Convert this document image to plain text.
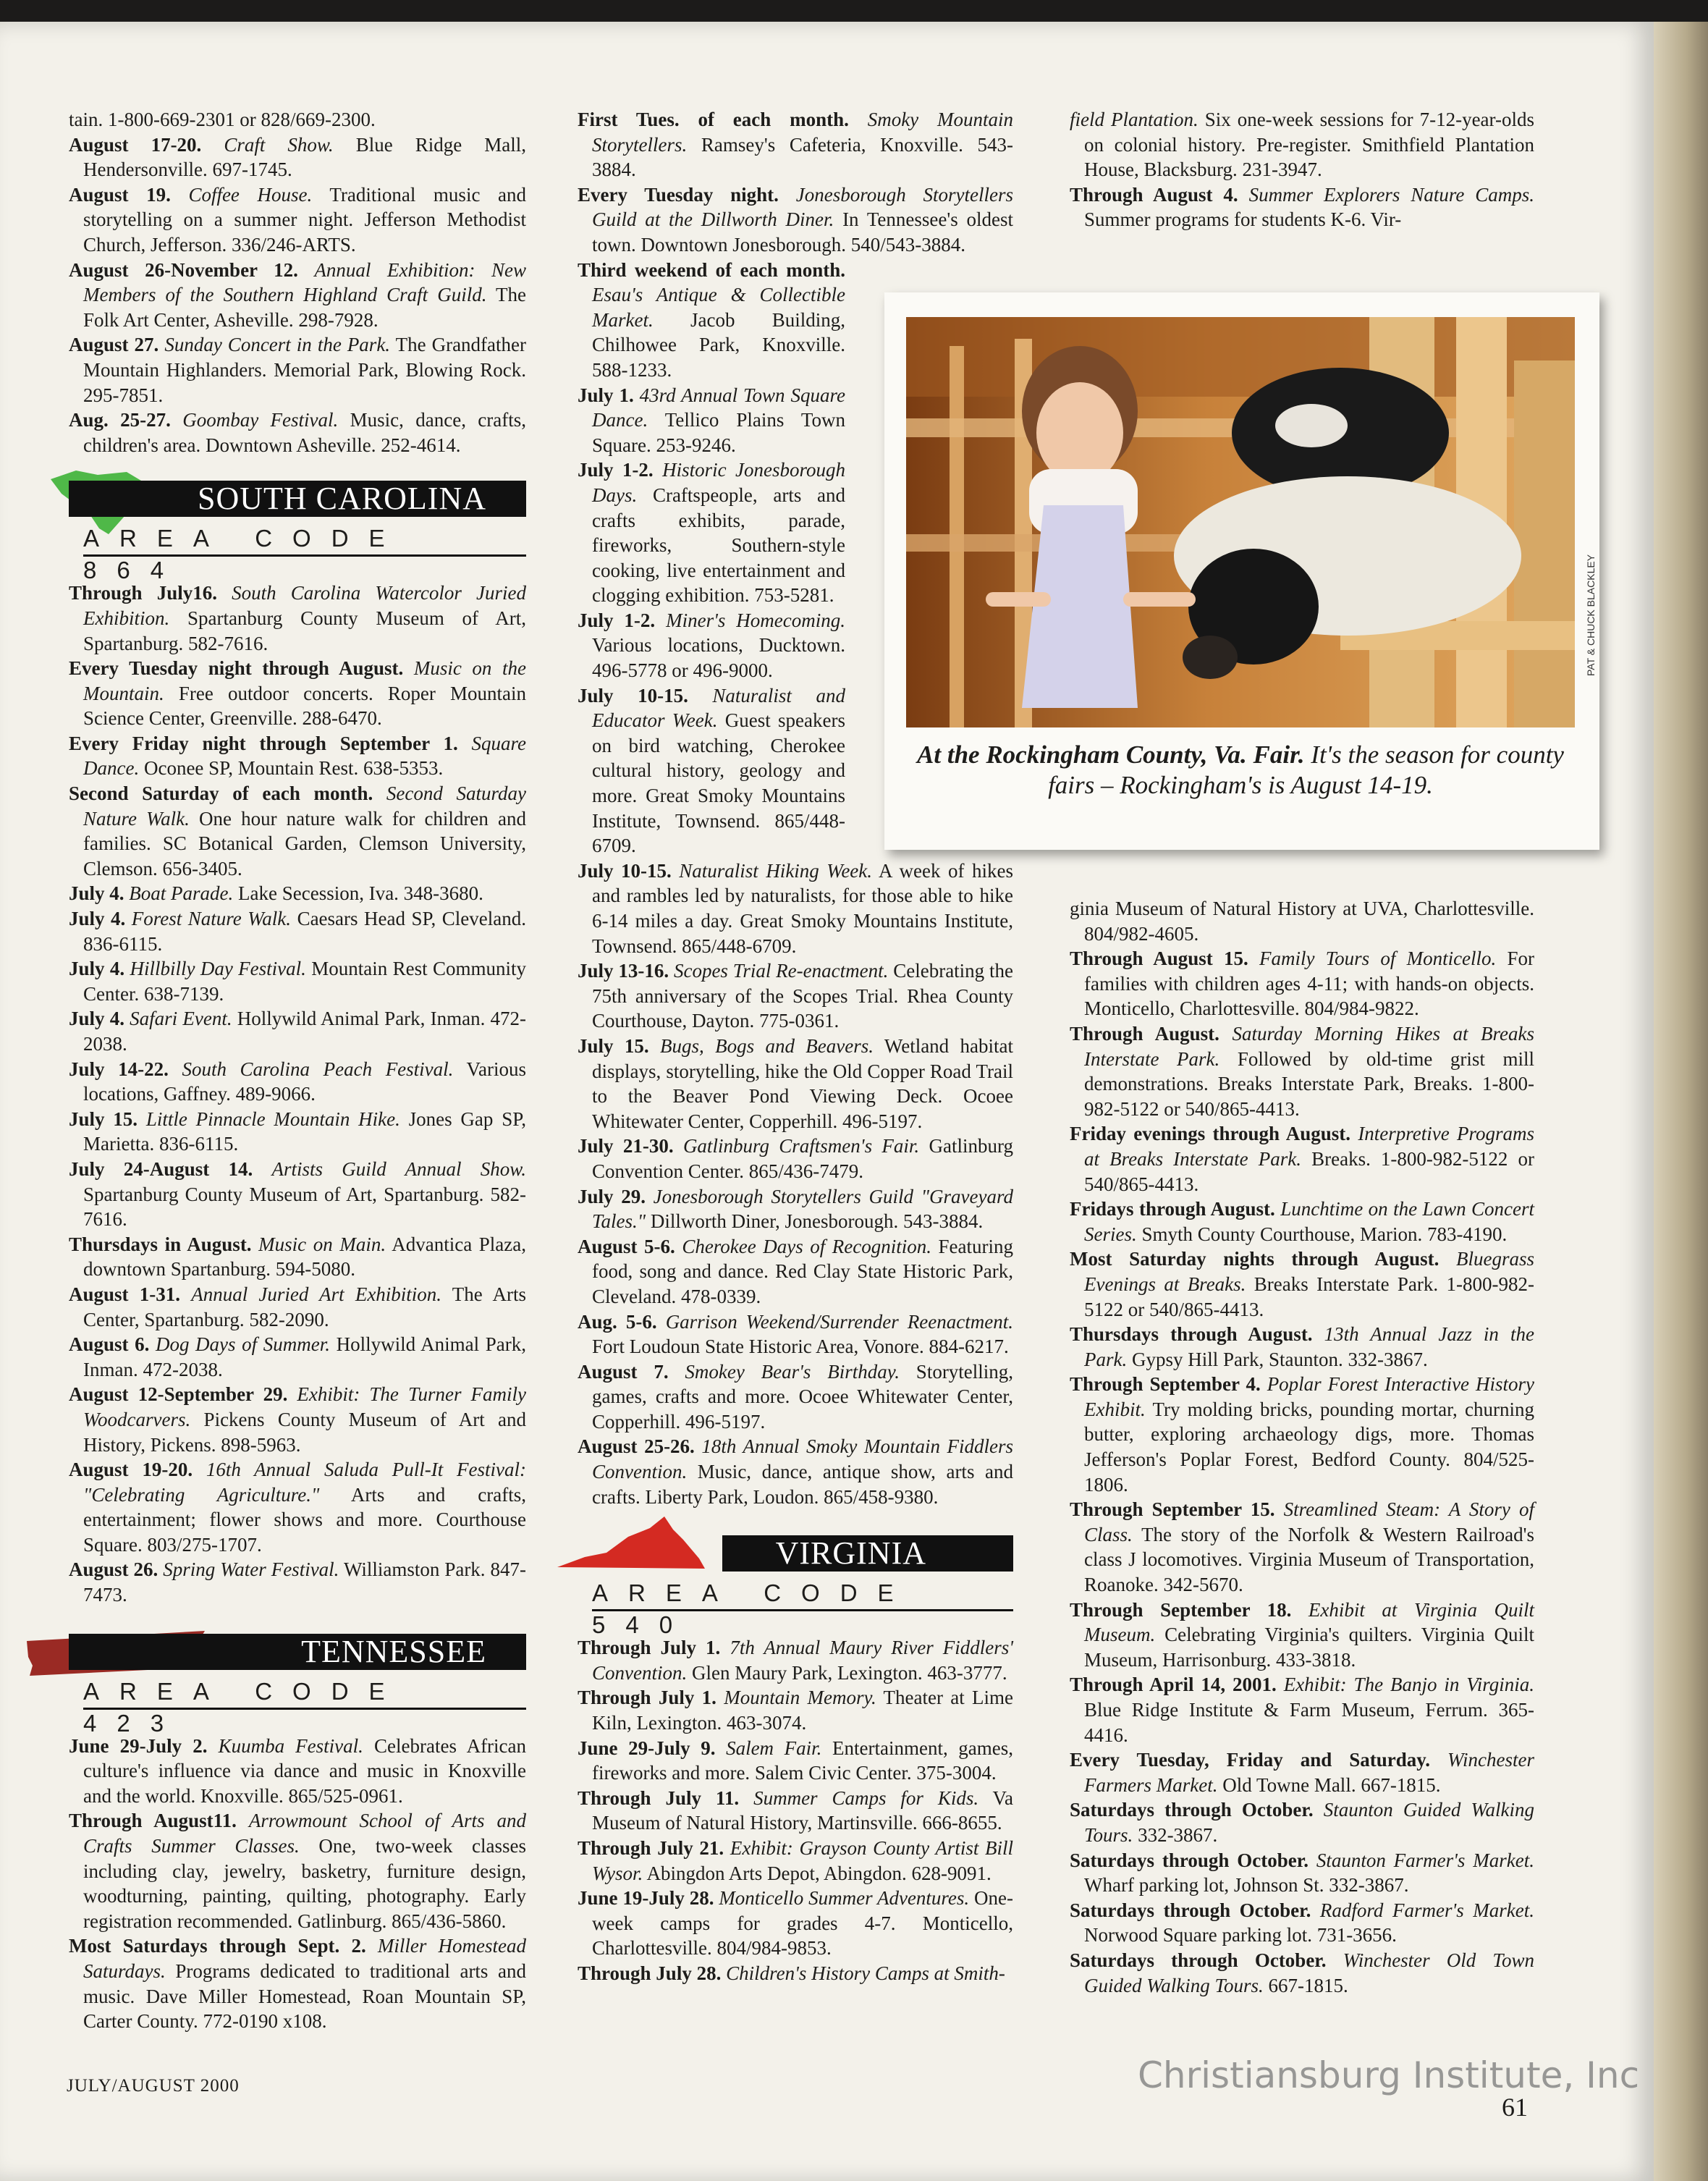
tain. 1-800-669-2301 or 828/669-2300.

August 17-20. Craft Show. Blue Ridge Mall, Hendersonville. 697-1745.

August 19. Coffee House. Traditional music and storytelling on a summer night. Jefferson Methodist Church, Jefferson. 336/246-ARTS.

August 26-November 12. Annual Exhibition: New Members of the Southern Highland Craft Guild. The Folk Art Center, Asheville. 298-7928.

August 27. Sunday Concert in the Park. The Grandfather Mountain Highlanders. Memorial Park, Blowing Rock. 295-7851.

Aug. 25-27. Goombay Festival. Music, dance, crafts, children's area. Downtown Asheville. 252-4614.

SOUTH CAROLINA
AREA CODE 864

Through July16. South Carolina Watercolor Juried Exhibition. Spartanburg County Museum of Art, Spartanburg. 582-7616.

Every Tuesday night through August. Music on the Mountain. Free outdoor concerts. Roper Mountain Science Center, Greenville. 288-6470.

Every Friday night through September 1. Square Dance. Oconee SP, Mountain Rest. 638-5353.

Second Saturday of each month. Second Saturday Nature Walk. One hour nature walk for children and families. SC Botanical Garden, Clemson University, Clemson. 656-3405.

July 4. Boat Parade. Lake Secession, Iva. 348-3680.

July 4. Forest Nature Walk. Caesars Head SP, Cleveland. 836-6115.

July 4. Hillbilly Day Festival. Mountain Rest Community Center. 638-7139.

July 4. Safari Event. Hollywild Animal Park, Inman. 472-2038.

July 14-22. South Carolina Peach Festival. Various locations, Gaffney. 489-9066.

July 15. Little Pinnacle Mountain Hike. Jones Gap SP, Marietta. 836-6115.

July 24-August 14. Artists Guild Annual Show. Spartanburg County Museum of Art, Spartanburg. 582-7616.

Thursdays in August. Music on Main. Advantica Plaza, downtown Spartanburg. 594-5080.

August 1-31. Annual Juried Art Exhibition. The Arts Center, Spartanburg. 582-2090.

August 6. Dog Days of Summer. Hollywild Animal Park, Inman. 472-2038.

August 12-September 29. Exhibit: The Turner Family Woodcarvers. Pickens County Museum of Art and History, Pickens. 898-5963.

August 19-20. 16th Annual Saluda Pull-It Festival: "Celebrating Agriculture." Arts and crafts, entertainment; flower shows and more. Courthouse Square. 803/275-1707.

August 26. Spring Water Festival. Williamston Park. 847-7473.

TENNESSEE
AREA CODE 423

June 29-July 2. Kuumba Festival. Celebrates African culture's influence via dance and music in Knoxville and the world. Knoxville. 865/525-0961.

Through August11. Arrowmount School of Arts and Crafts Summer Classes. One, two-week classes including clay, jewelry, basketry, furniture design, woodturning, painting, quilting, photography. Early registration recommended. Gatlinburg. 865/436-5860.

Most Saturdays through Sept. 2. Miller Homestead Saturdays. Programs dedicated to traditional arts and music. Dave Miller Homestead, Roan Mountain SP, Carter County. 772-0190 x108.

First Tues. of each month. Smoky Mountain Storytellers. Ramsey's Cafeteria, Knoxville. 543-3884.

Every Tuesday night. Jonesborough Storytellers Guild at the Dillworth Diner. In Tennessee's oldest town. Downtown Jonesborough. 540/543-3884.

Third weekend of each month. Esau's Antique & Collectible Market. Jacob Building, Chilhowee Park, Knoxville. 588-1233.

July 1. 43rd Annual Town Square Dance. Tellico Plains Town Square. 253-9246.

July 1-2. Historic Jonesborough Days. Craftspeople, arts and crafts exhibits, parade, fireworks, Southern-style cooking, live entertainment and clogging exhibition. 753-5281.

July 1-2. Miner's Homecoming. Various locations, Ducktown. 496-5778 or 496-9000.

July 10-15. Naturalist and Educator Week. Guest speakers on bird watching, Cherokee cultural history, geology and more. Great Smoky Mountains Institute, Townsend. 865/448-6709.

July 10-15. Naturalist Hiking Week. A week of hikes and rambles led by naturalists, for those able to hike 6-14 miles a day. Great Smoky Mountains Institute, Townsend. 865/448-6709.

July 13-16. Scopes Trial Re-enactment. Celebrating the 75th anniversary of the Scopes Trial. Rhea County Courthouse, Dayton. 775-0361.

July 15. Bugs, Bogs and Beavers. Wetland habitat displays, storytelling, hike the Old Copper Road Trail to the Beaver Pond Viewing Deck. Ocoee Whitewater Center, Copperhill. 496-5197.

July 21-30. Gatlinburg Craftsmen's Fair. Gatlinburg Convention Center. 865/436-7479.

July 29. Jonesborough Storytellers Guild "Graveyard Tales." Dillworth Diner, Jonesborough. 543-3884.

August 5-6. Cherokee Days of Recognition. Featuring food, song and dance. Red Clay State Historic Park, Cleveland. 478-0339.

Aug. 5-6. Garrison Weekend/Surrender Reenactment. Fort Loudoun State Historic Area, Vonore. 884-6217.

August 7. Smokey Bear's Birthday. Storytelling, games, crafts and more. Ocoee Whitewater Center, Copperhill. 496-5197.

August 25-26. 18th Annual Smoky Mountain Fiddlers Convention. Music, dance, antique show, arts and crafts. Liberty Park, Loudon. 865/458-9380.

VIRGINIA
AREA CODE 540

Through July 1. 7th Annual Maury River Fiddlers' Convention. Glen Maury Park, Lexington. 463-3777.

Through July 1. Mountain Memory. Theater at Lime Kiln, Lexington. 463-3074.

June 29-July 9. Salem Fair. Entertainment, games, fireworks and more. Salem Civic Center. 375-3004.

Through July 11. Summer Camps for Kids. Va Museum of Natural History, Martinsville. 666-8655.

Through July 21. Exhibit: Grayson County Artist Bill Wysor. Abingdon Arts Depot, Abingdon. 628-9091.

June 19-July 28. Monticello Summer Adventures. One-week camps for grades 4-7. Monticello, Charlottesville. 804/984-9853.

Through July 28. Children's History Camps at Smith-

field Plantation. Six one-week sessions for 7-12-year-olds on colonial history. Pre-register. Smithfield Plantation House, Blacksburg. 231-3947.

Through August 4. Summer Explorers Nature Camps. Summer programs for students K-6. Vir-

ginia Museum of Natural History at UVA, Charlottesville. 804/982-4605.

Through August 15. Family Tours of Monticello. For families with children ages 4-11; with hands-on objects. Monticello, Charlottesville. 804/984-9822.

Through August. Saturday Morning Hikes at Breaks Interstate Park. Followed by old-time grist mill demonstrations. Breaks Interstate Park, Breaks. 1-800-982-5122 or 540/865-4413.

Friday evenings through August. Interpretive Programs at Breaks Interstate Park. Breaks. 1-800-982-5122 or 540/865-4413.

Fridays through August. Lunchtime on the Lawn Concert Series. Smyth County Courthouse, Marion. 783-4190.

Most Saturday nights through August. Bluegrass Evenings at Breaks. Breaks Interstate Park. 1-800-982-5122 or 540/865-4413.

Thursdays through August. 13th Annual Jazz in the Park. Gypsy Hill Park, Staunton. 332-3867.

Through September 4. Poplar Forest Interactive History Exhibit. Try molding bricks, pounding mortar, churning butter, exploring archaeology digs, more. Thomas Jefferson's Poplar Forest, Bedford County. 804/525-1806.

Through September 15. Streamlined Steam: A Story of Class. The story of the Norfolk & Western Railroad's class J locomotives. Virginia Museum of Transportation, Roanoke. 342-5670.

Through September 18. Exhibit at Virginia Quilt Museum. Celebrating Virginia's quilters. Virginia Quilt Museum, Harrisonburg. 433-3818.

Through April 14, 2001. Exhibit: The Banjo in Virginia. Blue Ridge Institute & Farm Museum, Ferrum. 365-4416.

Every Tuesday, Friday and Saturday. Winchester Farmers Market. Old Towne Mall. 667-1815.

Saturdays through October. Staunton Guided Walking Tours. 332-3867.

Saturdays through October. Staunton Farmer's Market. Wharf parking lot, Johnson St. 332-3867.

Saturdays through October. Radford Farmer's Market. Norwood Square parking lot. 731-3656.

Saturdays through October. Winchester Old Town Guided Walking Tours. 667-1815.

PAT & CHUCK BLACKLEY
At the Rockingham County, Va. Fair. It's the season for county fairs – Rockingham's is August 14-19.
JULY/AUGUST 2000
61
Christiansburg Institute, Inc
